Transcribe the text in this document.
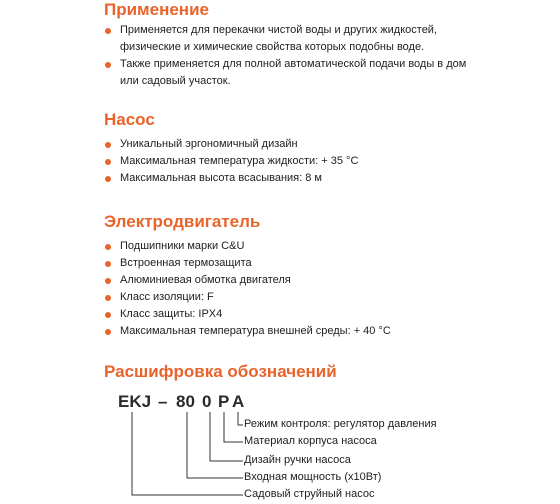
Применение
Применяется для перекачки чистой воды и других жидкостей,
физические и химические свойства которых подобны воде.
Также применяется для полной автоматической подачи воды в дом
или садовый участок.
Насос
Уникальный эргономичный дизайн
Максимальная температура жидкости: + 35 °С
Максимальная высота всасывания: 8 м
Электродвигатель
Подшипники марки C&U
Встроенная термозащита
Алюминиевая обмотка двигателя
Класс изоляции: F
Класс защиты: IPX4
Максимальная температура внешней среды: + 40 °С
Расшифровка обозначений
EKJ – 80 0 P A
Режим контроля: регулятор давления
Материал корпуса насоса
Дизайн ручки насоса
Входная мощность (x10Вт)
Садовый струйный насос
